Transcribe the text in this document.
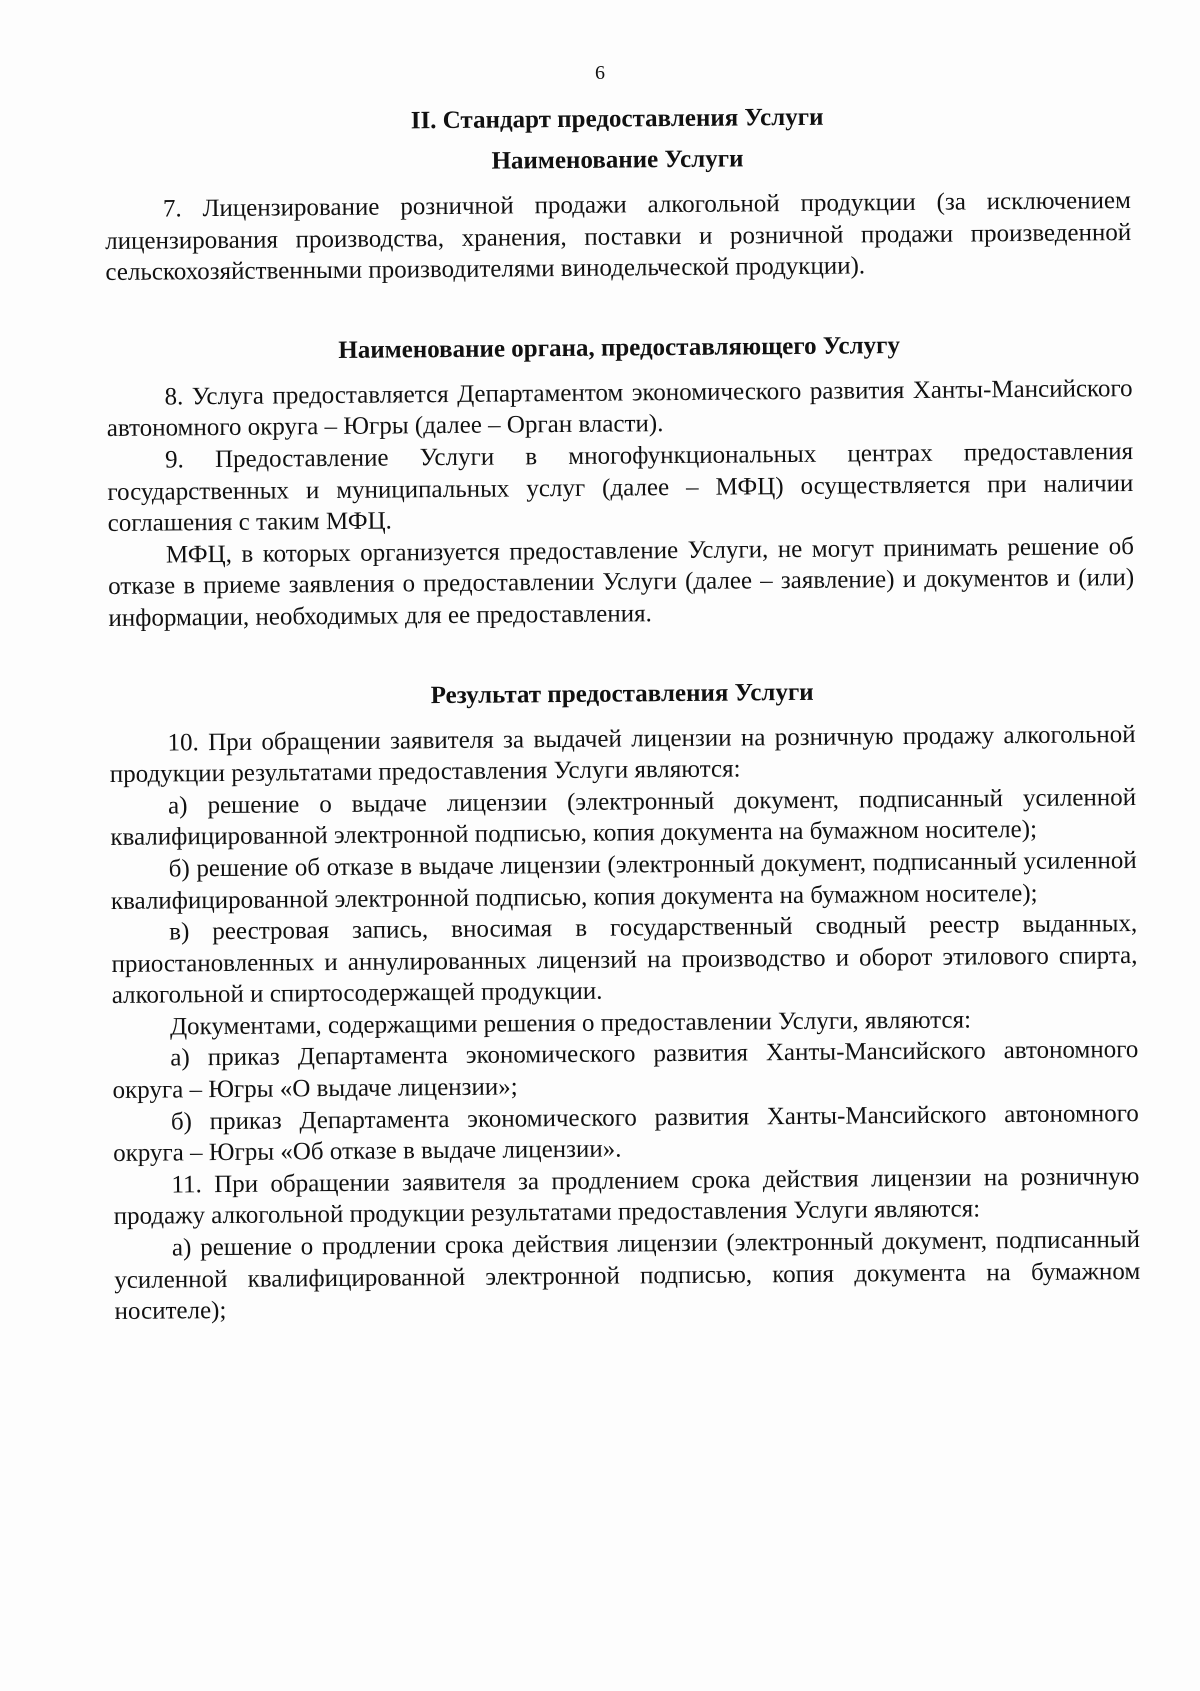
6

II. Стандарт предоставления Услуги

Наименование Услуги

7. Лицензирование розничной продажи алкогольной продукции (за исключением лицензирования производства, хранения, поставки и розничной продажи произведенной сельскохозяйственными производителями винодельческой продукции).

Наименование органа, предоставляющего Услугу

8. Услуга предоставляется Департаментом экономического развития Ханты-Мансийского автономного округа – Югры (далее – Орган власти).

9. Предоставление Услуги в многофункциональных центрах предоставления государственных и муниципальных услуг (далее – МФЦ) осуществляется при наличии соглашения с таким МФЦ.

МФЦ, в которых организуется предоставление Услуги, не могут принимать решение об отказе в приеме заявления о предоставлении Услуги (далее – заявление) и документов и (или) информации, необходимых для ее предоставления.

Результат предоставления Услуги

10. При обращении заявителя за выдачей лицензии на розничную продажу алкогольной продукции результатами предоставления Услуги являются:

а) решение о выдаче лицензии (электронный документ, подписанный усиленной квалифицированной электронной подписью, копия документа на бумажном носителе);

б) решение об отказе в выдаче лицензии (электронный документ, подписанный усиленной квалифицированной электронной подписью, копия документа на бумажном носителе);

в) реестровая запись, вносимая в государственный сводный реестр выданных, приостановленных и аннулированных лицензий на производство и оборот этилового спирта, алкогольной и спиртосодержащей продукции.

Документами, содержащими решения о предоставлении Услуги, являются:

а) приказ Департамента экономического развития Ханты-Мансийского автономного округа – Югры «О выдаче лицензии»;

б) приказ Департамента экономического развития Ханты-Мансийского автономного округа – Югры «Об отказе в выдаче лицензии».

11. При обращении заявителя за продлением срока действия лицензии на розничную продажу алкогольной продукции результатами предоставления Услуги являются:

а) решение о продлении срока действия лицензии (электронный документ, подписанный усиленной квалифицированной электронной подписью, копия документа на бумажном носителе);
